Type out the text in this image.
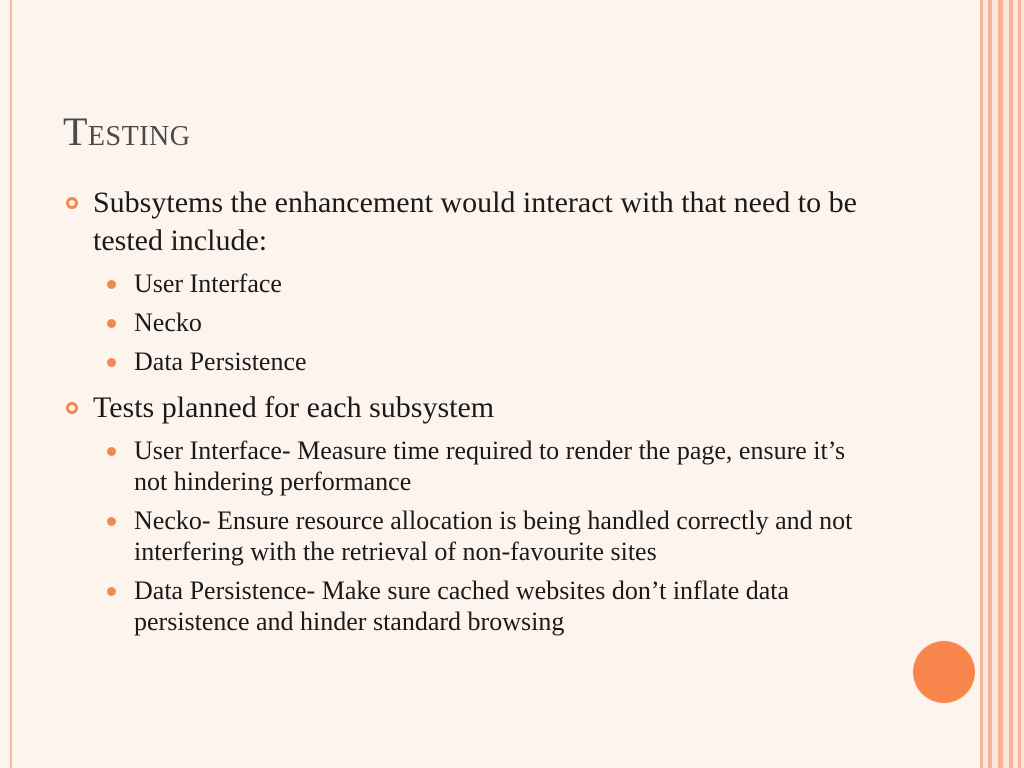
Testing
Subsytems the enhancement would interact with that need to be tested include:
User Interface
Necko
Data Persistence
Tests planned for each subsystem
User Interface- Measure time required to render the page, ensure it’s not hindering performance
Necko- Ensure resource allocation is being handled correctly and not interfering with the retrieval of non-favourite sites
Data Persistence- Make sure cached websites don’t inflate data persistence and hinder standard browsing
